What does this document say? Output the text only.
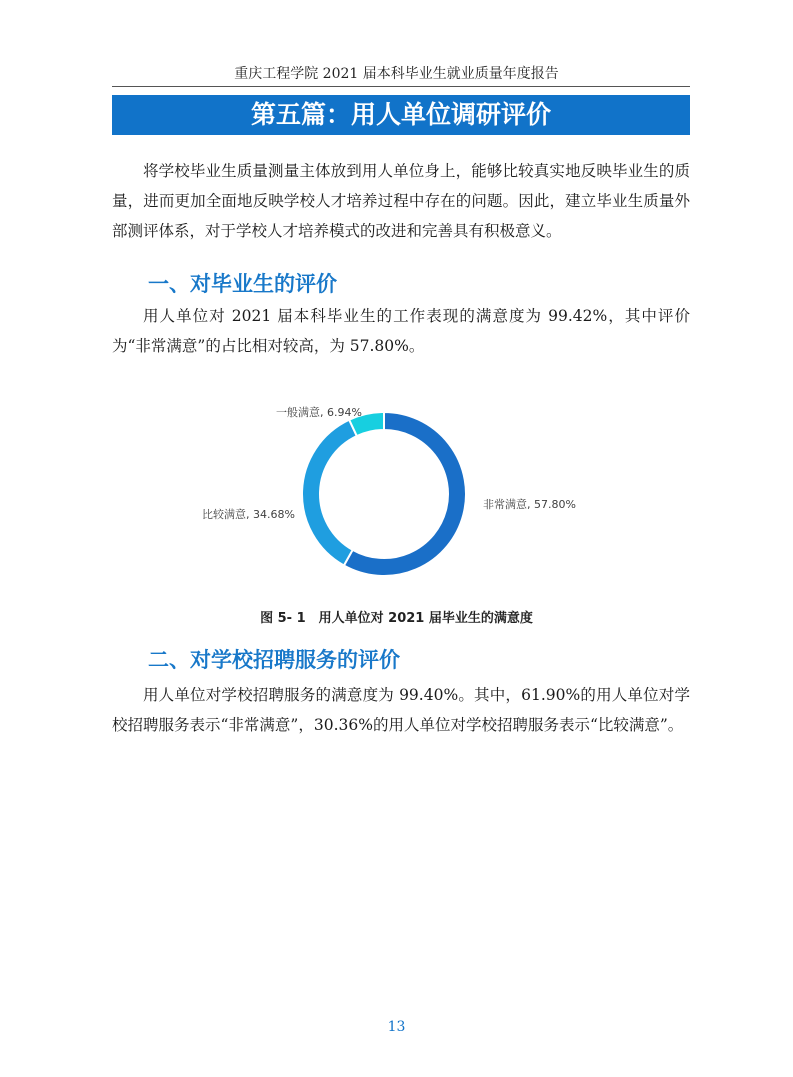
重庆工程学院 2021 届本科毕业生就业质量年度报告
第五篇：用人单位调研评价

将学校毕业生质量测量主体放到用人单位身上，能够比较真实地反映毕业生的质量，进而更加全面地反映学校人才培养过程中存在的问题。因此，建立毕业生质量外部测评体系，对于学校人才培养模式的改进和完善具有积极意义。

一、对毕业生的评价

用人单位对 2021 届本科毕业生的工作表现的满意度为 99.42%，其中评价为“非常满意”的占比相对较高，为 57.80%。

非常满意, 57.80%
比较满意, 34.68%
一般满意, 6.94%
图 5- 1　用人单位对 2021 届毕业生的满意度
二、对学校招聘服务的评价

用人单位对学校招聘服务的满意度为 99.40%。其中，61.90%的用人单位对学校招聘服务表示“非常满意”，30.36%的用人单位对学校招聘服务表示“比较满意”。

13
